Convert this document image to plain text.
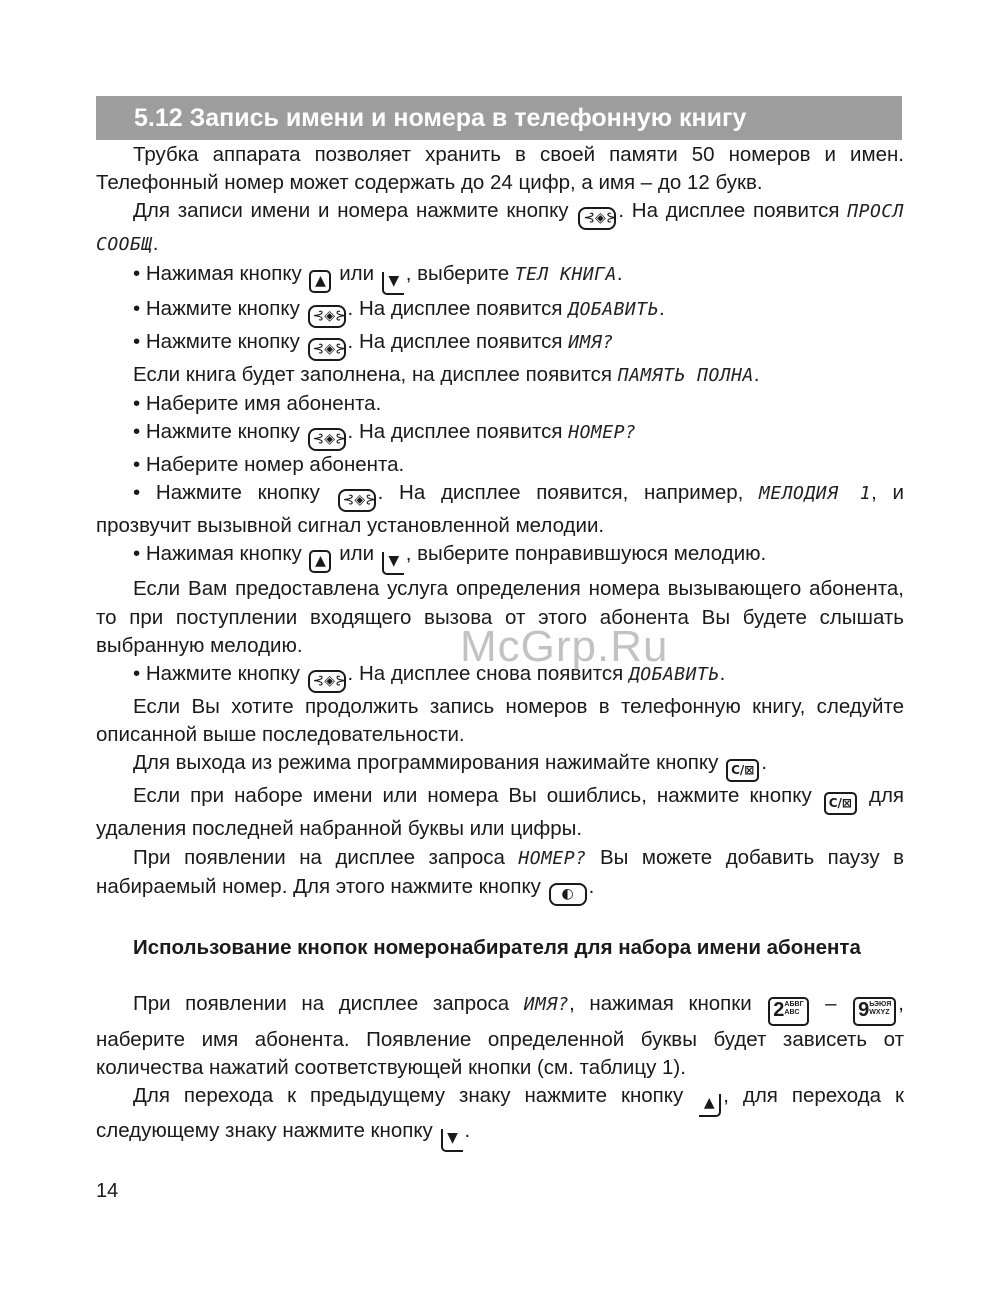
5.12 Запись имени и номера в телефонную книгу

Трубка аппарата позволяет хранить в своей памяти 50 номеров и имен. Телефонный номер может содержать до 24 цифр, а имя – до 12 букв.

Для записи имени и номера нажмите кнопку ⊰◈⊱. На дисплее появится ПРОСЛ СООБЩ.

• Нажимая кнопку ▲ или ▼ , выберите ТЕЛ КНИГА.

• Нажмите кнопку ⊰◈⊱. На дисплее появится ДОБАВИТЬ.

• Нажмите кнопку ⊰◈⊱. На дисплее появится ИМЯ?

Если книга будет заполнена, на дисплее появится ПАМЯТЬ ПОЛНА.

• Наберите имя абонента.

• Нажмите кнопку ⊰◈⊱. На дисплее появится НОМЕР?

• Наберите номер абонента.

• Нажмите кнопку ⊰◈⊱. На дисплее появится, например, МЕЛОДИЯ 1, и прозвучит вызывной сигнал установленной мелодии.

• Нажимая кнопку ▲ или ▼ , выберите понравившуюся мелодию.

Если Вам предоставлена услуга определения номера вызывающего абонента, то при поступлении входящего вызова от этого абонента Вы будете слышать выбранную мелодию.

• Нажмите кнопку ⊰◈⊱. На дисплее снова появится ДОБАВИТЬ.

Если Вы хотите продолжить запись номеров в телефонную книгу, следуйте описанной выше последовательности.

Для выхода из режима программирования нажимайте кнопку C/⊠ .

Если при наборе имени или номера Вы ошиблись, нажмите кнопку C/⊠ для удаления последней набранной буквы или цифры.

При появлении на дисплее запроса НОМЕР? Вы можете добавить паузу в набираемый номер. Для этого нажмите кнопку ◐ .

Использование кнопок номеронабирателя для набора имени абонента

При появлении на дисплее запроса ИМЯ?, нажимая кнопки 2АБВГ
ABC – 9ЬЭЮЯ
WXYZ , наберите имя абонента. Появление определенной буквы будет зависеть от количества нажатий соответствующей кнопки (см. таблицу 1).

Для перехода к предыдущему знаку нажмите кнопку ▲ , для перехода к следующему знаку нажмите кнопку ▼ .

McGrp.Ru
14
